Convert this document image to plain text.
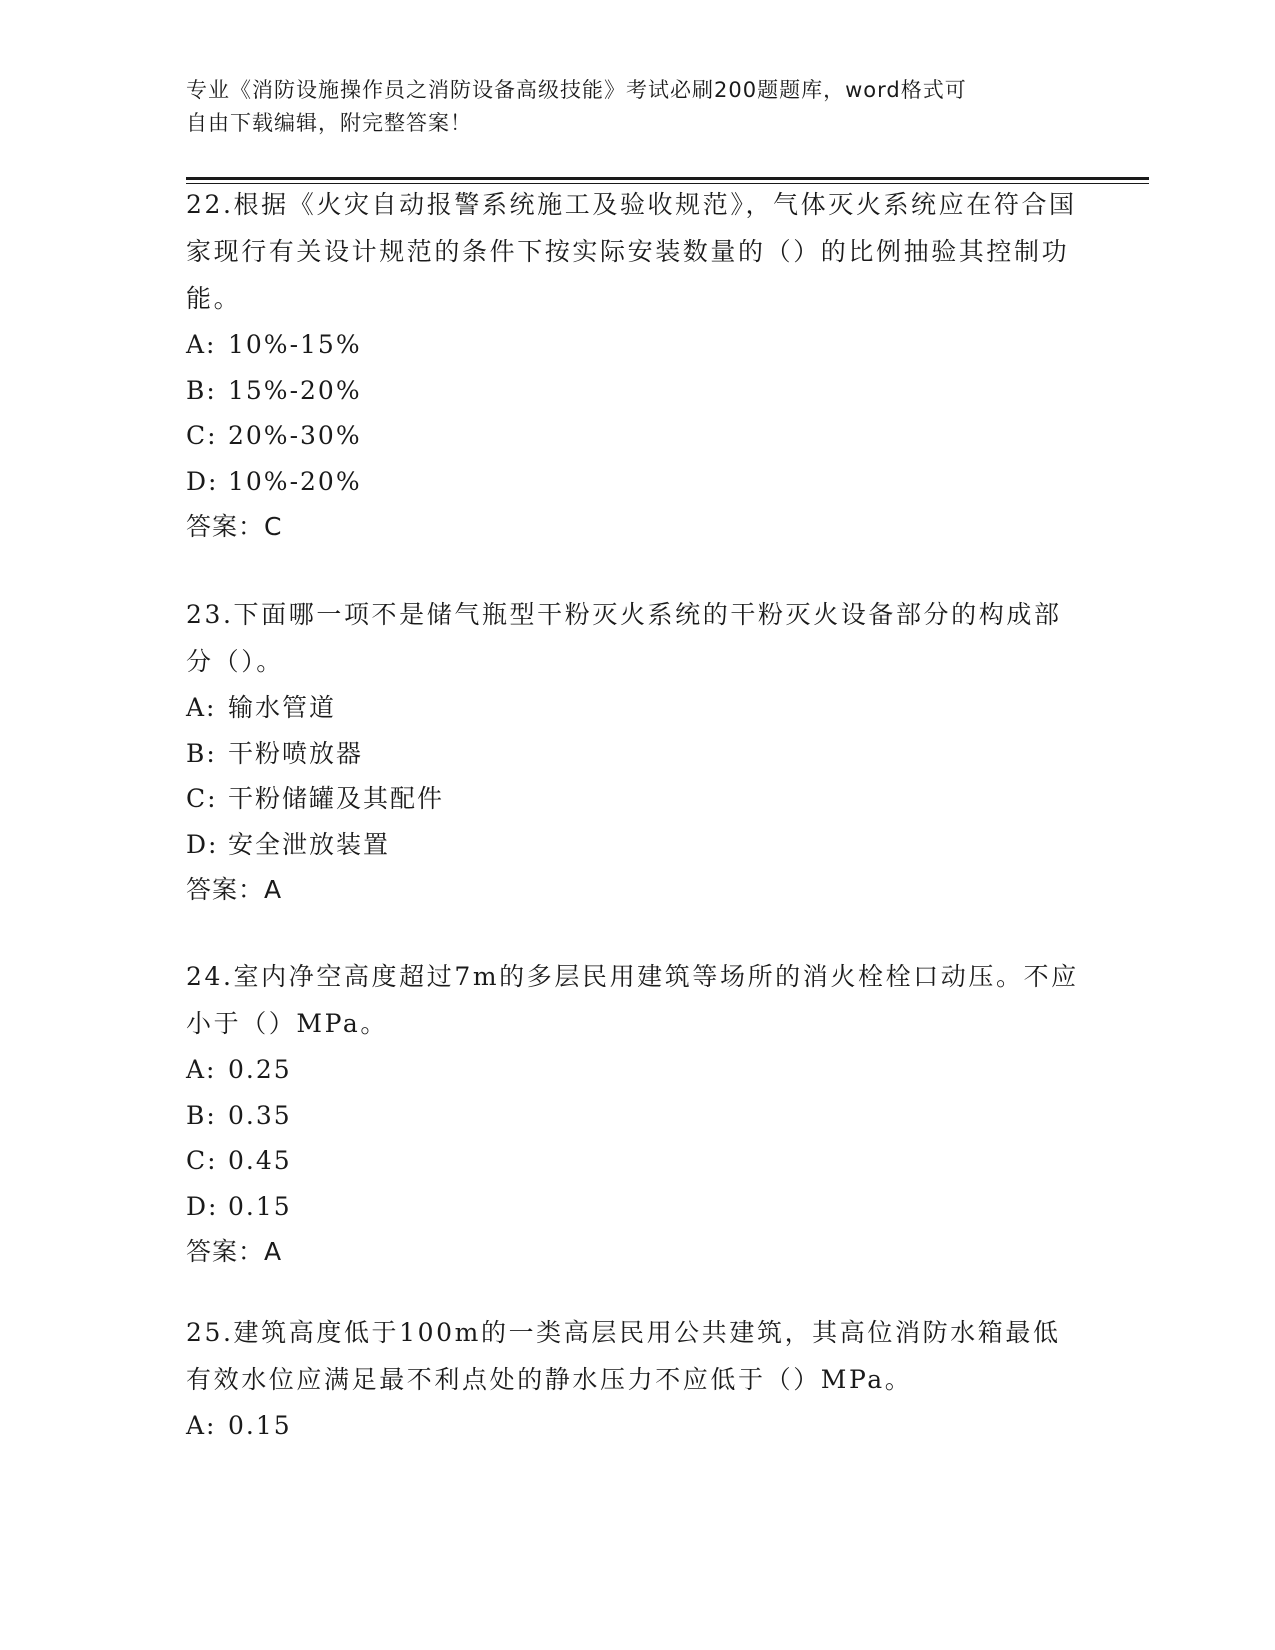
专业《消防设施操作员之消防设备高级技能》考试必刷200题题库，word格式可
自由下载编辑，附完整答案！

22.根据《火灾自动报警系统施工及验收规范》，气体灭火系统应在符合国家现行有关设计规范的条件下按实际安装数量的（）的比例抽验其控制功能。

A: 10%-15%

B: 15%-20%

C: 20%-30%

D: 10%-20%

答案：C

23.下面哪一项不是储气瓶型干粉灭火系统的干粉灭火设备部分的构成部分（）。

A: 输水管道

B: 干粉喷放器

C: 干粉储罐及其配件

D: 安全泄放装置

答案：A

24.室内净空高度超过7m的多层民用建筑等场所的消火栓栓口动压。不应小于（）MPa。

A: 0.25

B: 0.35

C: 0.45

D: 0.15

答案：A

25.建筑高度低于100m的一类高层民用公共建筑，其高位消防水箱最低有效水位应满足最不利点处的静水压力不应低于（）MPa。

A: 0.15
